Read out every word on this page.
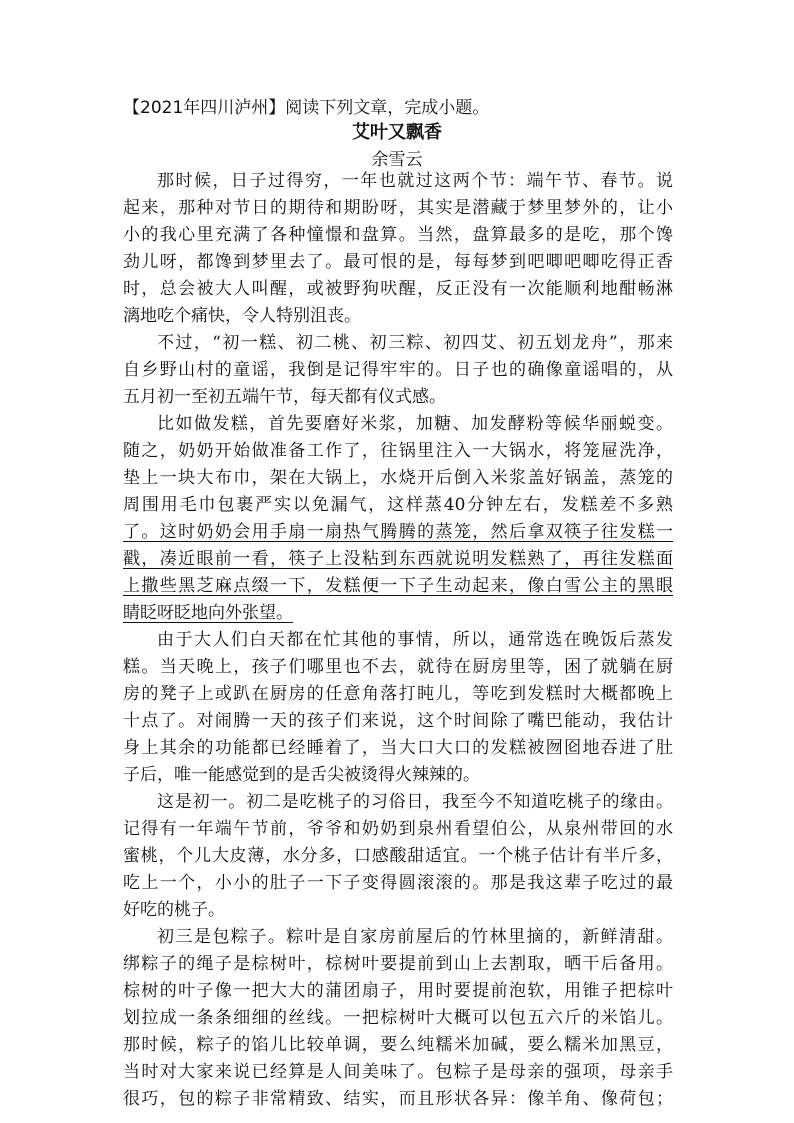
【2021年四川泸州】阅读下列文章，完成小题。
艾叶又飘香
余雪云
那时候，日子过得穷，一年也就过这两个节：端午节、春节。说
起来，那种对节日的期待和期盼呀，其实是潜藏于梦里梦外的，让小
小的我心里充满了各种憧憬和盘算。当然，盘算最多的是吃，那个馋
劲儿呀，都馋到梦里去了。最可恨的是，每每梦到吧唧吧唧吃得正香
时，总会被大人叫醒，或被野狗吠醒，反正没有一次能顺利地酣畅淋
漓地吃个痛快，令人特别沮丧。
不过，“初一糕、初二桃、初三粽、初四艾、初五划龙舟”，那来
自乡野山村的童谣，我倒是记得牢牢的。日子也的确像童谣唱的，从
五月初一至初五端午节，每天都有仪式感。
比如做发糕，首先要磨好米浆，加糖、加发酵粉等候华丽蜕变。
随之，奶奶开始做准备工作了，往锅里注入一大锅水，将笼屉洗净，
垫上一块大布巾，架在大锅上，水烧开后倒入米浆盖好锅盖，蒸笼的
周围用毛巾包裹严实以免漏气，这样蒸40分钟左右，发糕差不多熟
了。这时奶奶会用手扇一扇热气腾腾的蒸笼，然后拿双筷子往发糕一
戳，凑近眼前一看，筷子上没粘到东西就说明发糕熟了，再往发糕面
上撒些黑芝麻点缀一下，发糕便一下子生动起来，像白雪公主的黑眼
睛眨呀眨地向外张望。
由于大人们白天都在忙其他的事情，所以，通常选在晚饭后蒸发
糕。当天晚上，孩子们哪里也不去，就待在厨房里等，困了就躺在厨
房的凳子上或趴在厨房的任意角落打盹儿，等吃到发糕时大概都晚上
十点了。对闹腾一天的孩子们来说，这个时间除了嘴巴能动，我估计
身上其余的功能都已经睡着了，当大口大口的发糕被囫囵地吞进了肚
子后，唯一能感觉到的是舌尖被烫得火辣辣的。
这是初一。初二是吃桃子的习俗日，我至今不知道吃桃子的缘由。
记得有一年端午节前，爷爷和奶奶到泉州看望伯公，从泉州带回的水
蜜桃，个儿大皮薄，水分多，口感酸甜适宜。一个桃子估计有半斤多，
吃上一个，小小的肚子一下子变得圆滚滚的。那是我这辈子吃过的最
好吃的桃子。
初三是包粽子。粽叶是自家房前屋后的竹林里摘的，新鲜清甜。
绑粽子的绳子是棕树叶，棕树叶要提前到山上去割取，晒干后备用。
棕树的叶子像一把大大的蒲团扇子，用时要提前泡软，用锥子把棕叶
划拉成一条条细细的丝线。一把棕树叶大概可以包五六斤的米馅儿。
那时候，粽子的馅儿比较单调，要么纯糯米加碱，要么糯米加黑豆，
当时对大家来说已经算是人间美味了。包粽子是母亲的强项，母亲手
很巧，包的粽子非常精致、结实，而且形状各异：像羊角、像荷包；
